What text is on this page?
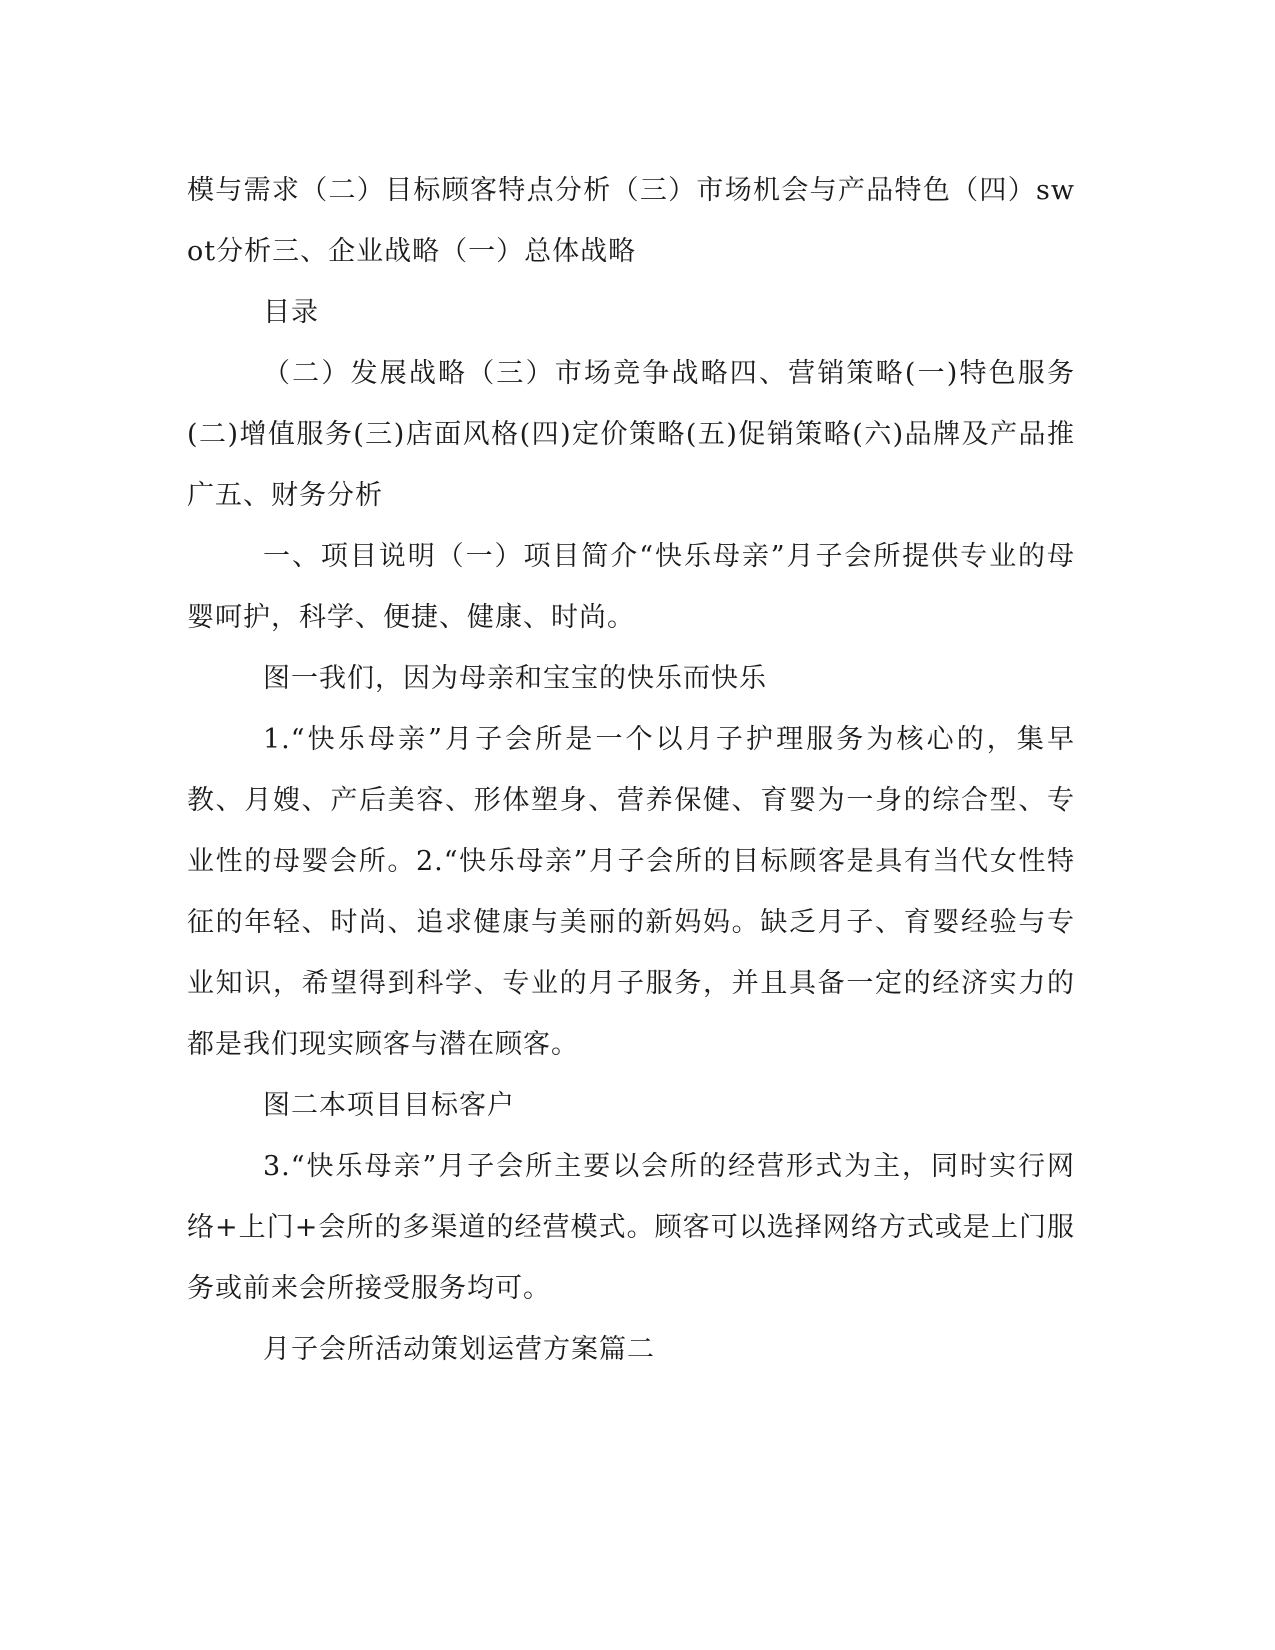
模与需求（二）目标顾客特点分析（三）市场机会与产品特色（四）swot分析三、企业战略（一）总体战略

目录

（二）发展战略（三）市场竞争战略四、营销策略(一)特色服务(二)增值服务(三)店面风格(四)定价策略(五)促销策略(六)品牌及产品推广五、财务分析

一、项目说明（一）项目简介“快乐母亲”月子会所提供专业的母婴呵护，科学、便捷、健康、时尚。

图一我们，因为母亲和宝宝的快乐而快乐

1.“快乐母亲”月子会所是一个以月子护理服务为核心的，集早教、月嫂、产后美容、形体塑身、营养保健、育婴为一身的综合型、专业性的母婴会所。2.“快乐母亲”月子会所的目标顾客是具有当代女性特征的年轻、时尚、追求健康与美丽的新妈妈。缺乏月子、育婴经验与专业知识，希望得到科学、专业的月子服务，并且具备一定的经济实力的都是我们现实顾客与潜在顾客。

图二本项目目标客户

3.“快乐母亲”月子会所主要以会所的经营形式为主，同时实行网络+上门+会所的多渠道的经营模式。顾客可以选择网络方式或是上门服务或前来会所接受服务均可。

月子会所活动策划运营方案篇二
